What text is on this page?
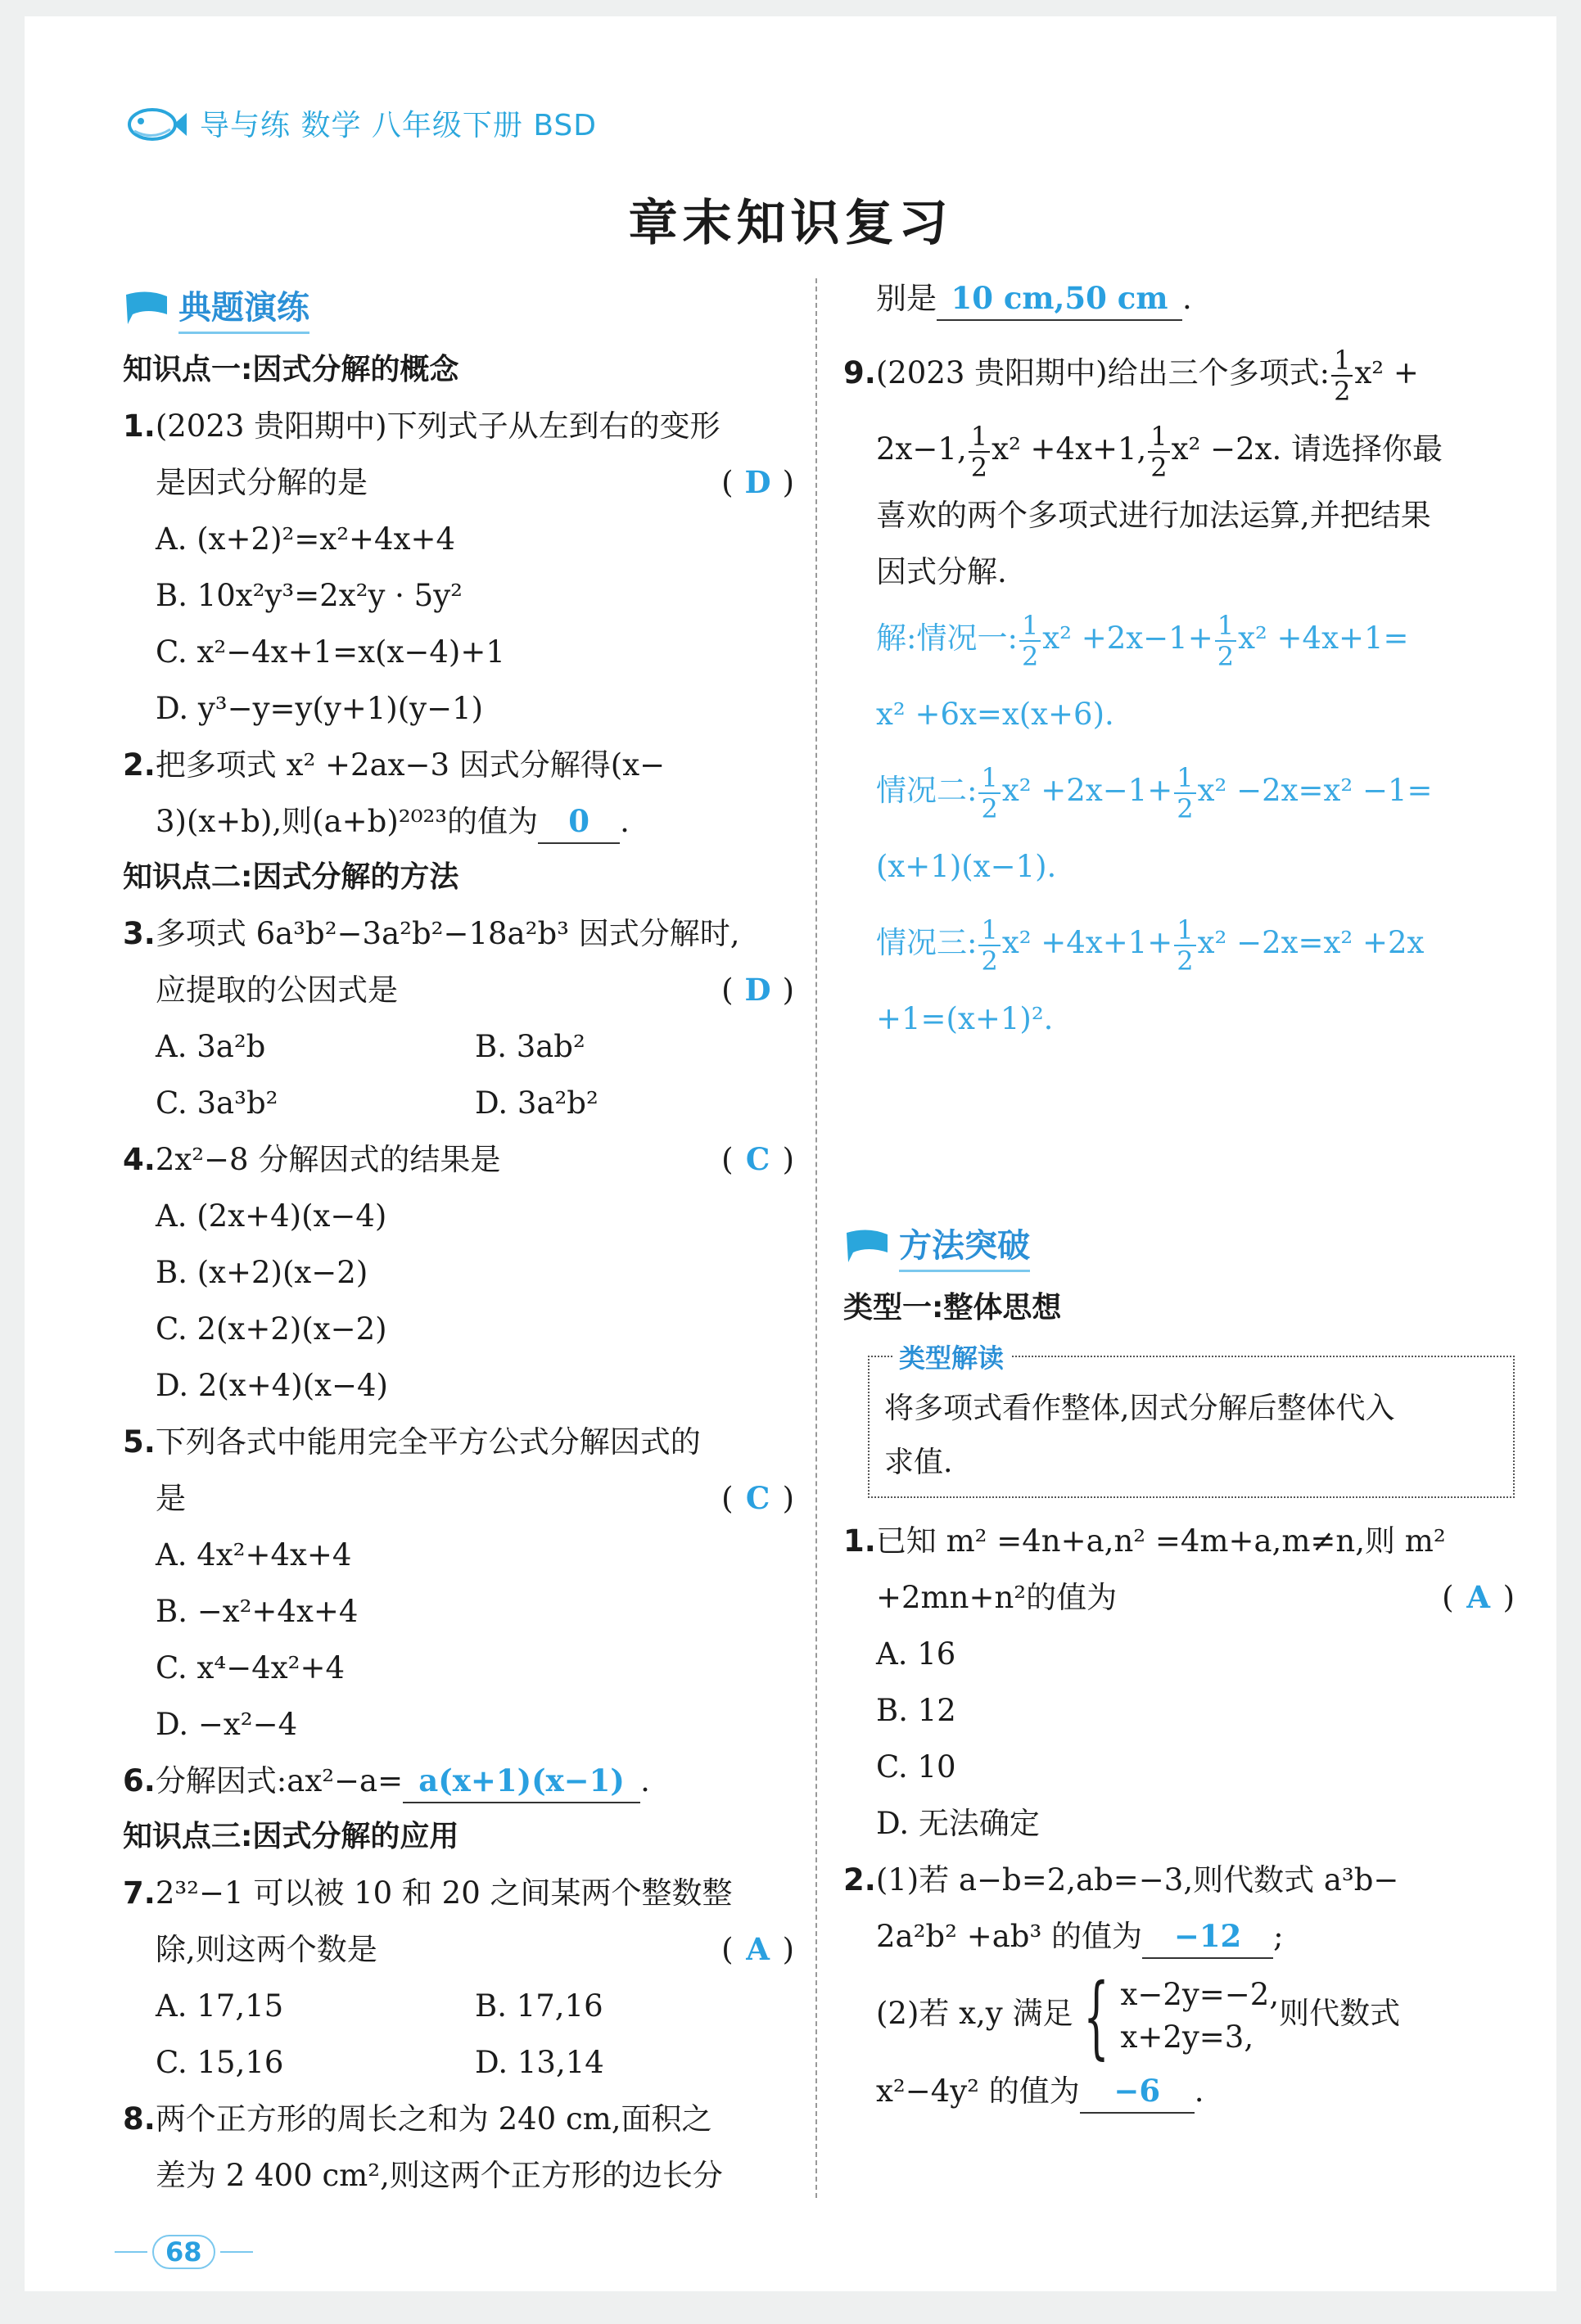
导与练 数学 八年级下册 BSD
章末知识复习
典题演练
知识点一:因式分解的概念
1.(2023 贵阳期中)下列式子从左到右的变形
是因式分解的是	( D )
A. (x+2)²=x²+4x+4
B. 10x²y³=2x²y · 5y²
C. x²−4x+1=x(x−4)+1
D. y³−y=y(y+1)(y−1)
2.把多项式 x² +2ax−3 因式分解得(x−
3)(x+b),则(a+b)²⁰²³的值为 0 .
知识点二:因式分解的方法
3.多项式 6a³b²−3a²b²−18a²b³ 因式分解时,
应提取的公因式是	( D )
A. 3a²b	B. 3ab²
C. 3a³b²	D. 3a²b²
4.2x²−8 分解因式的结果是	( C )
A. (2x+4)(x−4)
B. (x+2)(x−2)
C. 2(x+2)(x−2)
D. 2(x+4)(x−4)
5.下列各式中能用完全平方公式分解因式的
是	( C )
A. 4x²+4x+4
B. −x²+4x+4
C. x⁴−4x²+4
D. −x²−4
6.分解因式:ax²−a= a(x+1)(x−1) .
知识点三:因式分解的应用
7.2³²−1 可以被 10 和 20 之间某两个整数整
除,则这两个数是	( A )
A. 17,15	B. 17,16
C. 15,16	D. 13,14
8.两个正方形的周长之和为 240 cm,面积之
差为 2 400 cm²,则这两个正方形的边长分
别是 10 cm,50 cm .
9.(2023 贵阳期中)给出三个多项式: $\frac{1}{2} x^2$ +
2x−1, $\frac{1}{2} x^2 +4x+1$, $\frac{1}{2} x^2 -2x$. 请选择你最
喜欢的两个多项式进行加法运算,并把结果
因式分解.
解:情况一: $\frac{1}{2} x^2 +2x-1+ \frac{1}{2} x^2 +4x+1=$
x² +6x=x(x+6).
情况二: $\frac{1}{2} x^2 +2x-1+ \frac{1}{2} x^2 -2x=x^2 -1=$
(x+1)(x−1).
情况三: $\frac{1}{2} x^2 +4x+1+ \frac{1}{2} x^2 -2x=x^2 +2x$
+1=(x+1)².
方法突破
类型一:整体思想
类型解读
将多项式看作整体,因式分解后整体代入
求值.
1.已知 m² =4n+a,n² =4m+a,m≠n,则 m²
+2mn+n²的值为	( A )
A. 16
B. 12
C. 10
D. 无法确定
2.(1)若 a−b=2,ab=−3,则代数式 a³b−
2a²b² +ab³ 的值为 −12 ;
(2)若 x,y 满足 { x−2y=−2,
x+2y=3,
则代数式
x²−4y² 的值为 −6 .
68
